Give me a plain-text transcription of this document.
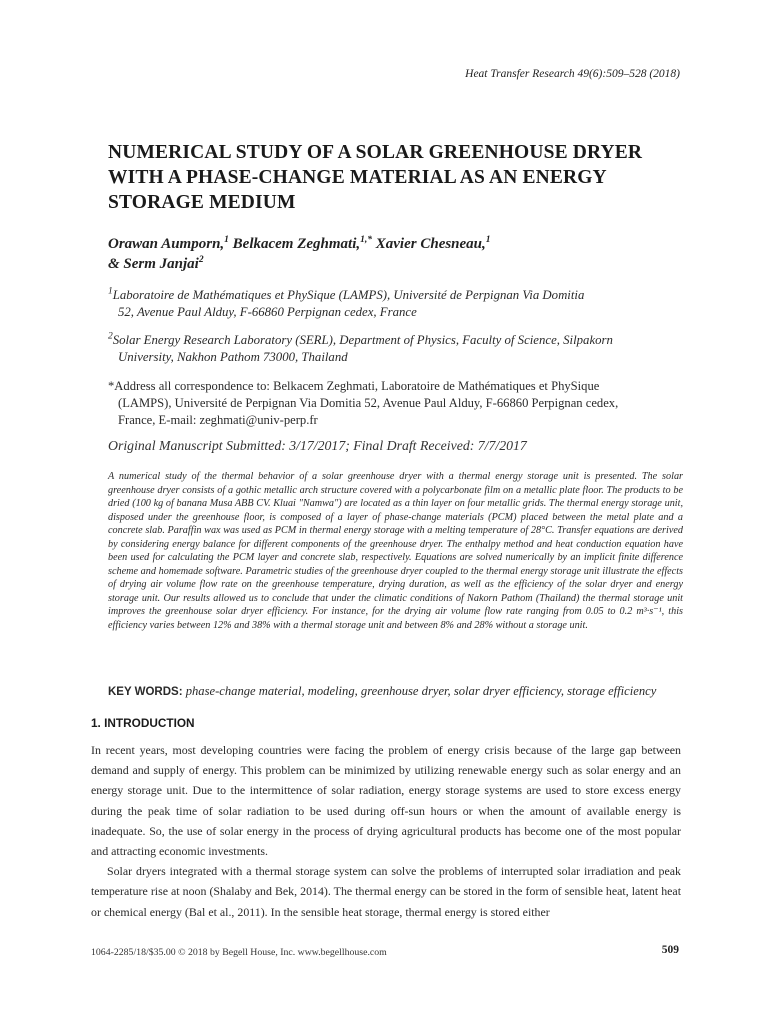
Heat Transfer Research 49(6):509–528 (2018)
NUMERICAL STUDY OF A SOLAR GREENHOUSE DRYER
WITH A PHASE-CHANGE MATERIAL AS AN ENERGY
STORAGE MEDIUM
Orawan Aumporn,$^1$ Belkacem Zeghmati,$^{1,*}$ Xavier Chesneau,$^1$
& Serm Janjai$^2$
$^1$Laboratoire de Mathématiques et PhySique (LAMPS), Université de Perpignan Via Domitia
52, Avenue Paul Alduy, F-66860 Perpignan cedex, France
$^2$Solar Energy Research Laboratory (SERL), Department of Physics, Faculty of Science, Silpakorn
University, Nakhon Pathom 73000, Thailand
*Address all correspondence to: Belkacem Zeghmati, Laboratoire de Mathématiques et PhySique
(LAMPS), Université de Perpignan Via Domitia 52, Avenue Paul Alduy, F-66860 Perpignan cedex,
France, E-mail: zeghmati@univ-perp.fr
Original Manuscript Submitted: 3/17/2017; Final Draft Received: 7/7/2017
A numerical study of the thermal behavior of a solar greenhouse dryer with a thermal energy storage unit is presented. The solar greenhouse dryer consists of a gothic metallic arch structure covered with a polycarbonate film on a metallic plate floor. The products to be dried (100 kg of banana Musa ABB CV. Kluai "Namwa") are located as a thin layer on four metallic grids. The thermal energy storage unit, disposed under the greenhouse floor, is composed of a layer of phase-change materials (PCM) placed between the metal plate and a concrete slab. Paraffin wax was used as PCM in thermal energy storage with a melting temperature of 28°C. Transfer equations are derived by considering energy balance for different components of the greenhouse dryer. The enthalpy method and heat conduction equation have been used for calculating the PCM layer and concrete slab, respectively. Equations are solved numerically by an implicit finite difference scheme and homemade software. Parametric studies of the greenhouse dryer coupled to the thermal energy storage unit illustrate the effects of drying air volume flow rate on the greenhouse temperature, drying duration, as well as the efficiency of the solar dryer and energy storage unit. Our results allowed us to conclude that under the climatic conditions of Nakorn Pathom (Thailand) the thermal storage unit improves the greenhouse solar dryer efficiency. For instance, for the drying air volume flow rate ranging from 0.05 to 0.2 m³·s⁻¹, this efficiency varies between 12% and 38% with a thermal storage unit and between 8% and 28% without a storage unit.
KEY WORDS: phase-change material, modeling, greenhouse dryer, solar dryer efficiency, storage efficiency
1. INTRODUCTION

In recent years, most developing countries were facing the problem of energy crisis because of the large gap between demand and supply of energy. This problem can be minimized by utilizing renewable energy such as solar energy and an energy storage unit. Due to the intermittence of solar radiation, energy storage systems are used to store excess energy during the peak time of solar radiation to be used during off-sun hours or when the amount of available energy is inadequate. So, the use of solar energy in the process of drying agricultural products has become one of the most popular and attracting economic investments.

Solar dryers integrated with a thermal storage system can solve the problems of interrupted solar irradiation and peak temperature rise at noon (Shalaby and Bek, 2014). The thermal energy can be stored in the form of sensible heat, latent heat or chemical energy (Bal et al., 2011). In the sensible heat storage, thermal energy is stored either

1064-2285/18/$35.00 © 2018 by Begell House, Inc. www.begellhouse.com	509
